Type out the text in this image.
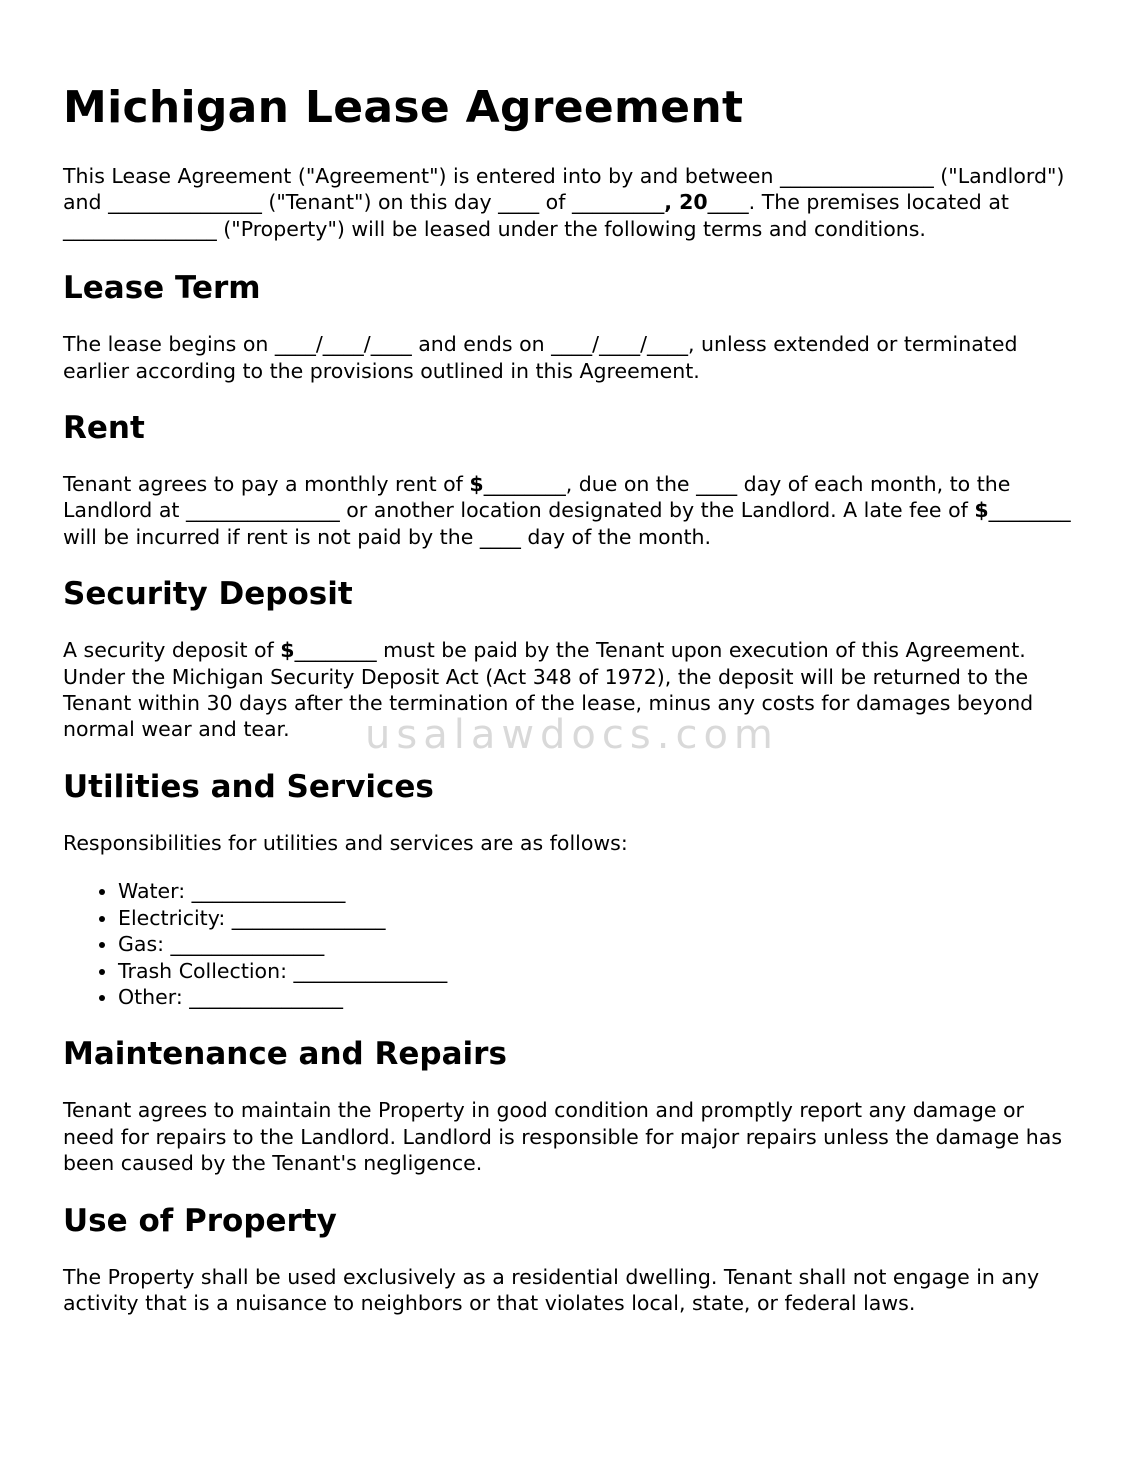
Michigan Lease Agreement

This Lease Agreement ("Agreement") is entered into by and between _______________ ("Landlord") and _______________ ("Tenant") on this day ____ of _________, 20____. The premises located at _______________ ("Property") will be leased under the following terms and conditions.

Lease Term

The lease begins on ____/____/____ and ends on ____/____/____, unless extended or terminated earlier according to the provisions outlined in this Agreement.

Rent

Tenant agrees to pay a monthly rent of $________, due on the ____ day of each month, to the Landlord at _______________ or another location designated by the Landlord. A late fee of $________ will be incurred if rent is not paid by the ____ day of the month.

Security Deposit

A security deposit of $________ must be paid by the Tenant upon execution of this Agreement. Under the Michigan Security Deposit Act (Act 348 of 1972), the deposit will be returned to the Tenant within 30 days after the termination of the lease, minus any costs for damages beyond normal wear and tear.

Utilities and Services

Responsibilities for utilities and services are as follows:

• Water: _______________
• Electricity: _______________
• Gas: _______________
• Trash Collection: _______________
• Other: _______________
Maintenance and Repairs

Tenant agrees to maintain the Property in good condition and promptly report any damage or need for repairs to the Landlord. Landlord is responsible for major repairs unless the damage has been caused by the Tenant's negligence.

Use of Property

The Property shall be used exclusively as a residential dwelling. Tenant shall not engage in any activity that is a nuisance to neighbors or that violates local, state, or federal laws.

usalawdocs.com
